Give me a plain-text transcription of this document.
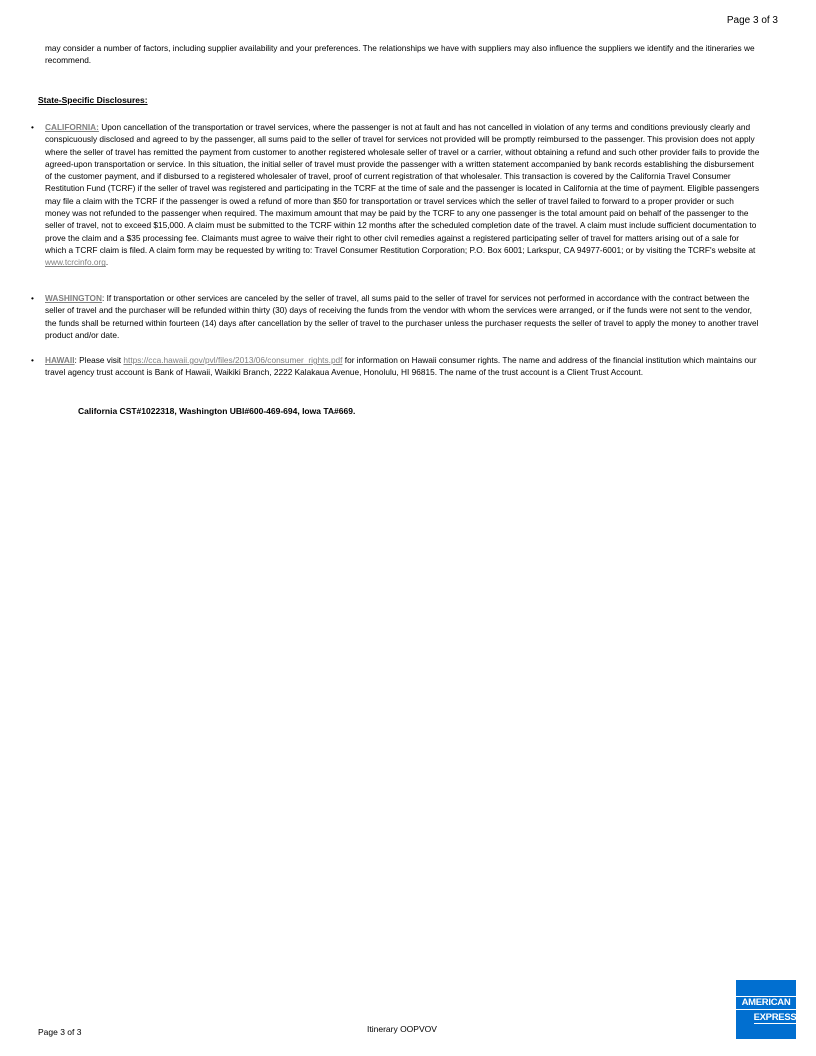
Page 3 of 3
may consider a number of factors, including supplier availability and your preferences. The relationships we have with suppliers may also influence the suppliers we identify and the itineraries we recommend.
State-Specific Disclosures:
•	CALIFORNIA: Upon cancellation of the transportation or travel services, where the passenger is not at fault and has not cancelled in violation of any terms and conditions previously clearly and conspicuously disclosed and agreed to by the passenger, all sums paid to the seller of travel for services not provided will be promptly reimbursed to the passenger. This provision does not apply where the seller of travel has remitted the payment from customer to another registered wholesale seller of travel or a carrier, without obtaining a refund and such other provider fails to provide the agreed-upon transportation or service. In this situation, the initial seller of travel must provide the passenger with a written statement accompanied by bank records establishing the disbursement of the customer payment, and if disbursed to a registered wholesaler of travel, proof of current registration of that wholesaler. This transaction is covered by the California Travel Consumer Restitution Fund (TCRF) if the seller of travel was registered and participating in the TCRF at the time of sale and the passenger is located in California at the time of payment. Eligible passengers may file a claim with the TCRF if the passenger is owed a refund of more than $50 for transportation or travel services which the seller of travel failed to forward to a proper provider or such money was not refunded to the passenger when required. The maximum amount that may be paid by the TCRF to any one passenger is the total amount paid on behalf of the passenger to the seller of travel, not to exceed $15,000. A claim must be submitted to the TCRF within 12 months after the scheduled completion date of the travel. A claim must include sufficient documentation to prove the claim and a $35 processing fee. Claimants must agree to waive their right to other civil remedies against a registered participating seller of travel for matters arising out of a sale for which a TCRF claim is filed. A claim form may be requested by writing to: Travel Consumer Restitution Corporation; P.O. Box 6001; Larkspur, CA 94977-6001; or by visiting the TCRF's website at www.tcrcinfo.org.
•	WASHINGTON: If transportation or other services are canceled by the seller of travel, all sums paid to the seller of travel for services not performed in accordance with the contract between the seller of travel and the purchaser will be refunded within thirty (30) days of receiving the funds from the vendor with whom the services were arranged, or if the funds were not sent to the vendor, the funds shall be returned within fourteen (14) days after cancellation by the seller of travel to the purchaser unless the purchaser requests the seller of travel to apply the money to another travel product and/or date.
•	HAWAII: Please visit https://cca.hawaii.gov/pvl/files/2013/06/consumer_rights.pdf for information on Hawaii consumer rights. The name and address of the financial institution which maintains our travel agency trust account is Bank of Hawaii, Waikiki Branch, 2222 Kalakaua Avenue, Honolulu, HI 96815. The name of the trust account is a Client Trust Account.
California CST#1022318, Washington UBI#600-469-694, Iowa TA#669.
Page 3 of 3	Itinerary OOPVOV
AMERICAN
EXPRESS
